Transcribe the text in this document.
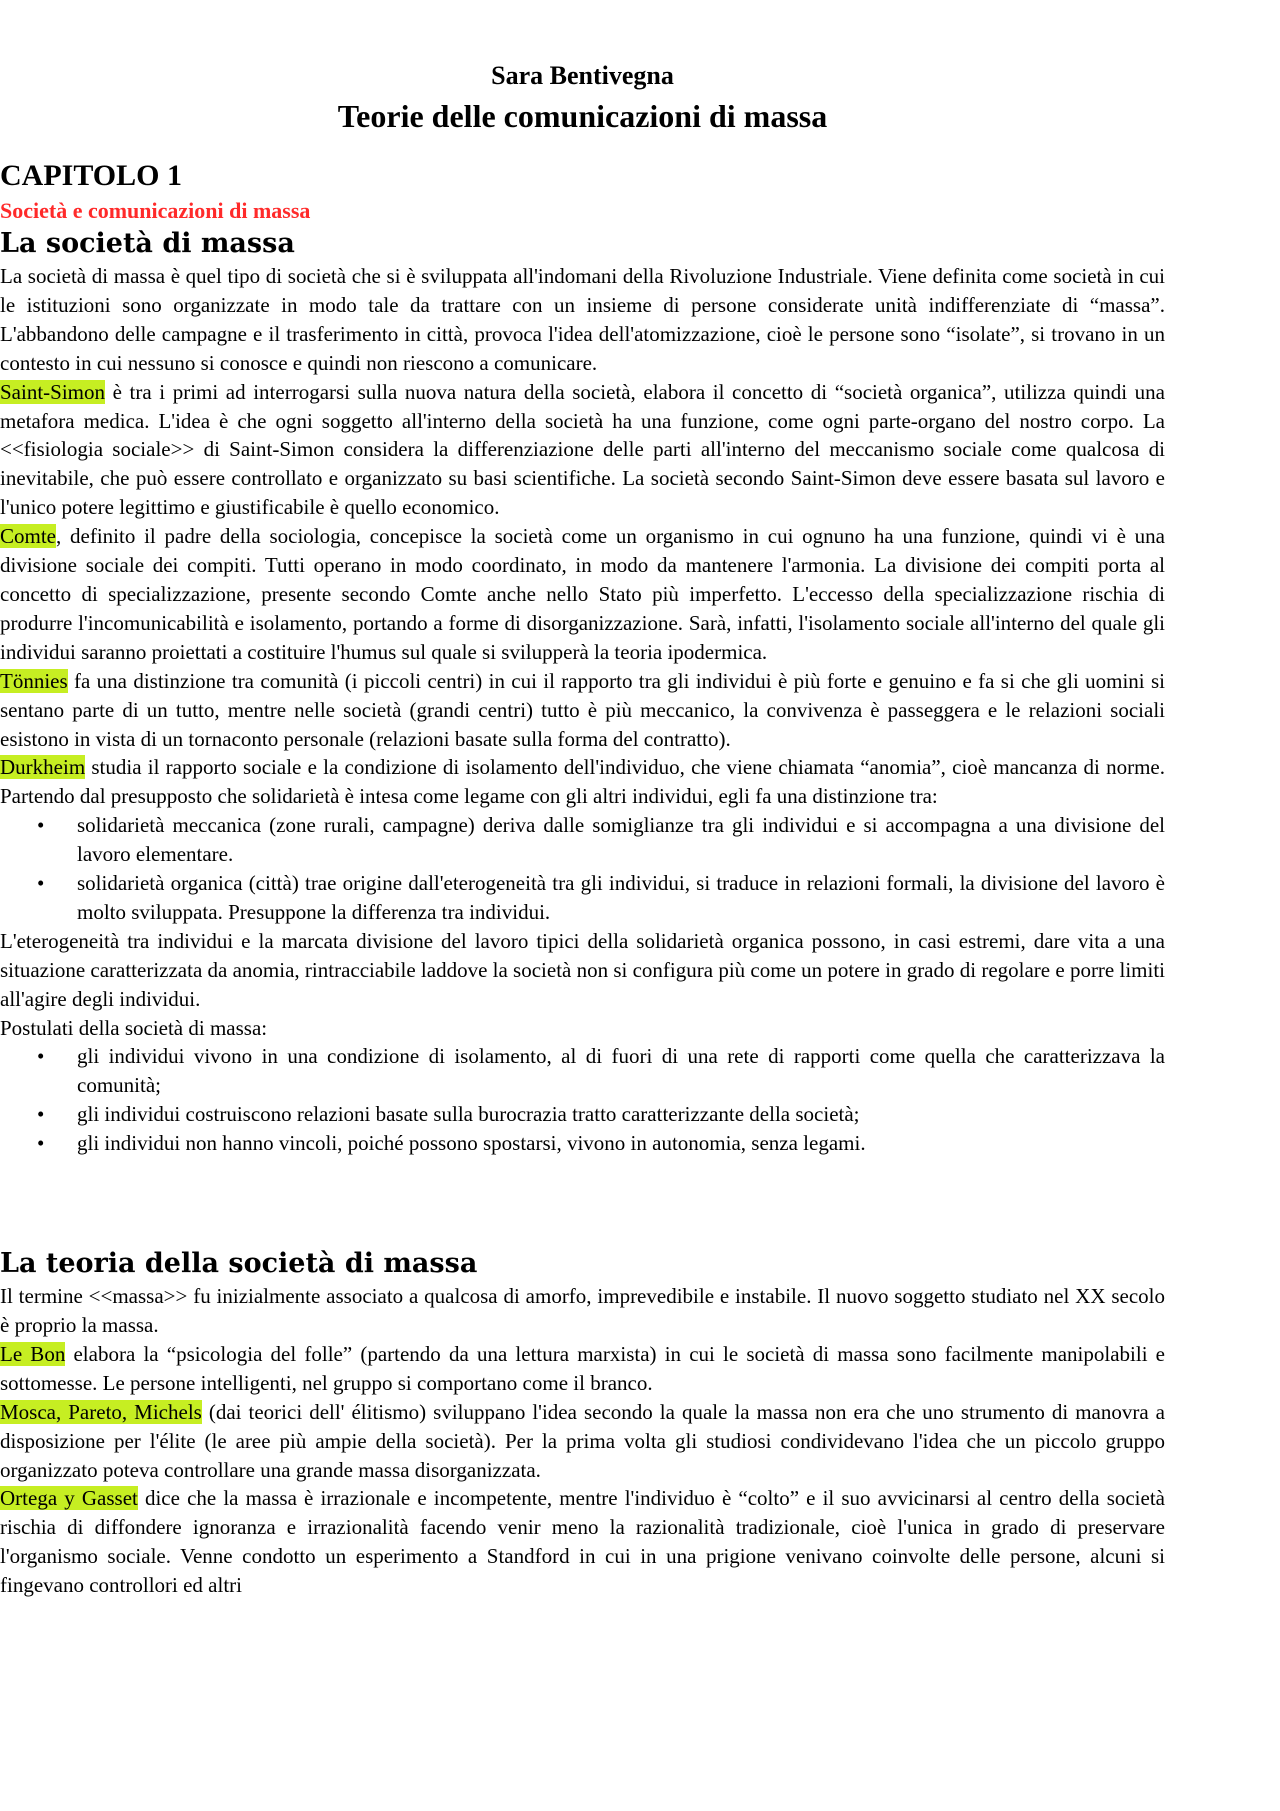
Sara Bentivegna
Teorie delle comunicazioni di massa
CAPITOLO 1
Società e comunicazioni di massa
La società di massa

La società di massa è quel tipo di società che si è sviluppata all'indomani della Rivoluzione Industriale. Viene definita come società in cui le istituzioni sono organizzate in modo tale da trattare con un insieme di persone considerate unità indifferenziate di “massa”. L'abbandono delle campagne e il trasferimento in città, provoca l'idea dell'atomizzazione, cioè le persone sono “isolate”, si trovano in un contesto in cui nessuno si conosce e quindi non riescono a comunicare.

Saint-Simon è tra i primi ad interrogarsi sulla nuova natura della società, elabora il concetto di “società organica”, utilizza quindi una metafora medica. L'idea è che ogni soggetto all'interno della società ha una funzione, come ogni parte-organo del nostro corpo. La <<fisiologia sociale>> di Saint-Simon considera la differenziazione delle parti all'interno del meccanismo sociale come qualcosa di inevitabile, che può essere controllato e organizzato su basi scientifiche. La società secondo Saint-Simon deve essere basata sul lavoro e l'unico potere legittimo e giustificabile è quello economico.

Comte, definito il padre della sociologia, concepisce la società come un organismo in cui ognuno ha una funzione, quindi vi è una divisione sociale dei compiti. Tutti operano in modo coordinato, in modo da mantenere l'armonia. La divisione dei compiti porta al concetto di specializzazione, presente secondo Comte anche nello Stato più imperfetto. L'eccesso della specializzazione rischia di produrre l'incomunicabilità e isolamento, portando a forme di disorganizzazione. Sarà, infatti, l'isolamento sociale all'interno del quale gli individui saranno proiettati a costituire l'humus sul quale si svilupperà la teoria ipodermica.

Tönnies fa una distinzione tra comunità (i piccoli centri) in cui il rapporto tra gli individui è più forte e genuino e fa si che gli uomini si sentano parte di un tutto, mentre nelle società (grandi centri) tutto è più meccanico, la convivenza è passeggera e le relazioni sociali esistono in vista di un tornaconto personale (relazioni basate sulla forma del contratto).

Durkheim studia il rapporto sociale e la condizione di isolamento dell'individuo, che viene chiamata “anomia”, cioè mancanza di norme. Partendo dal presupposto che solidarietà è intesa come legame con gli altri individui, egli fa una distinzione tra:

• solidarietà meccanica (zone rurali, campagne) deriva dalle somiglianze tra gli individui e si accompagna a una divisione del lavoro elementare.
• solidarietà organica (città) trae origine dall'eterogeneità tra gli individui, si traduce in relazioni formali, la divisione del lavoro è molto sviluppata. Presuppone la differenza tra individui.

L'eterogeneità tra individui e la marcata divisione del lavoro tipici della solidarietà organica possono, in casi estremi, dare vita a una situazione caratterizzata da anomia, rintracciabile laddove la società non si configura più come un potere in grado di regolare e porre limiti all'agire degli individui.

Postulati della società di massa:

• gli individui vivono in una condizione di isolamento, al di fuori di una rete di rapporti come quella che caratterizzava la comunità;
• gli individui costruiscono relazioni basate sulla burocrazia tratto caratterizzante della società;
• gli individui non hanno vincoli, poiché possono spostarsi, vivono in autonomia, senza legami.
La teoria della società di massa

Il termine <<massa>> fu inizialmente associato a qualcosa di amorfo, imprevedibile e instabile. Il nuovo soggetto studiato nel XX secolo è proprio la massa.

Le Bon elabora la “psicologia del folle” (partendo da una lettura marxista) in cui le società di massa sono facilmente manipolabili e sottomesse. Le persone intelligenti, nel gruppo si comportano come il branco.

Mosca, Pareto, Michels (dai teorici dell' élitismo) sviluppano l'idea secondo la quale la massa non era che uno strumento di manovra a disposizione per l'élite (le aree più ampie della società). Per la prima volta gli studiosi condividevano l'idea che un piccolo gruppo organizzato poteva controllare una grande massa disorganizzata.

Ortega y Gasset dice che la massa è irrazionale e incompetente, mentre l'individuo è “colto” e il suo avvicinarsi al centro della società rischia di diffondere ignoranza e irrazionalità facendo venir meno la razionalità tradizionale, cioè l'unica in grado di preservare l'organismo sociale. Venne condotto un esperimento a Standford in cui in una prigione venivano coinvolte delle persone, alcuni si fingevano controllori ed altri
